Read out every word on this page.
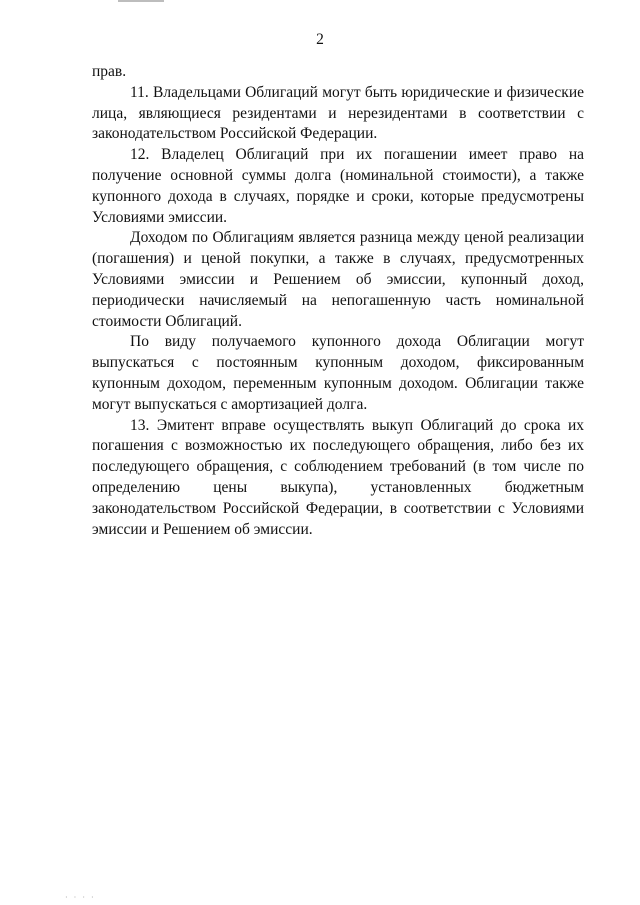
2

прав.

11. Владельцами Облигаций могут быть юридические и физические лица, являющиеся резидентами и нерезидентами в соответствии с законодательством Российской Федерации.

12. Владелец Облигаций при их погашении имеет право на получение основной суммы долга (номинальной стоимости), а также купонного дохода в случаях, порядке и сроки, которые предусмотрены Условиями эмиссии.

Доходом по Облигациям является разница между ценой реализации (погашения) и ценой покупки, а также в случаях, предусмотренных Условиями эмиссии и Решением об эмиссии, купонный доход, периодически начисляемый на непогашенную часть номинальной стоимости Облигаций.

По виду получаемого купонного дохода Облигации могут выпускаться с постоянным купонным доходом, фиксированным купонным доходом, переменным купонным доходом. Облигации также могут выпускаться с амортизацией долга.

13. Эмитент вправе осуществлять выкуп Облигаций до срока их погашения с возможностью их последующего обращения, либо без их последующего обращения, с соблюдением требований (в том числе по определению цены выкупа), установленных бюджетным законодательством Российской Федерации, в соответствии с Условиями эмиссии и Решением об эмиссии.

· · · ·
